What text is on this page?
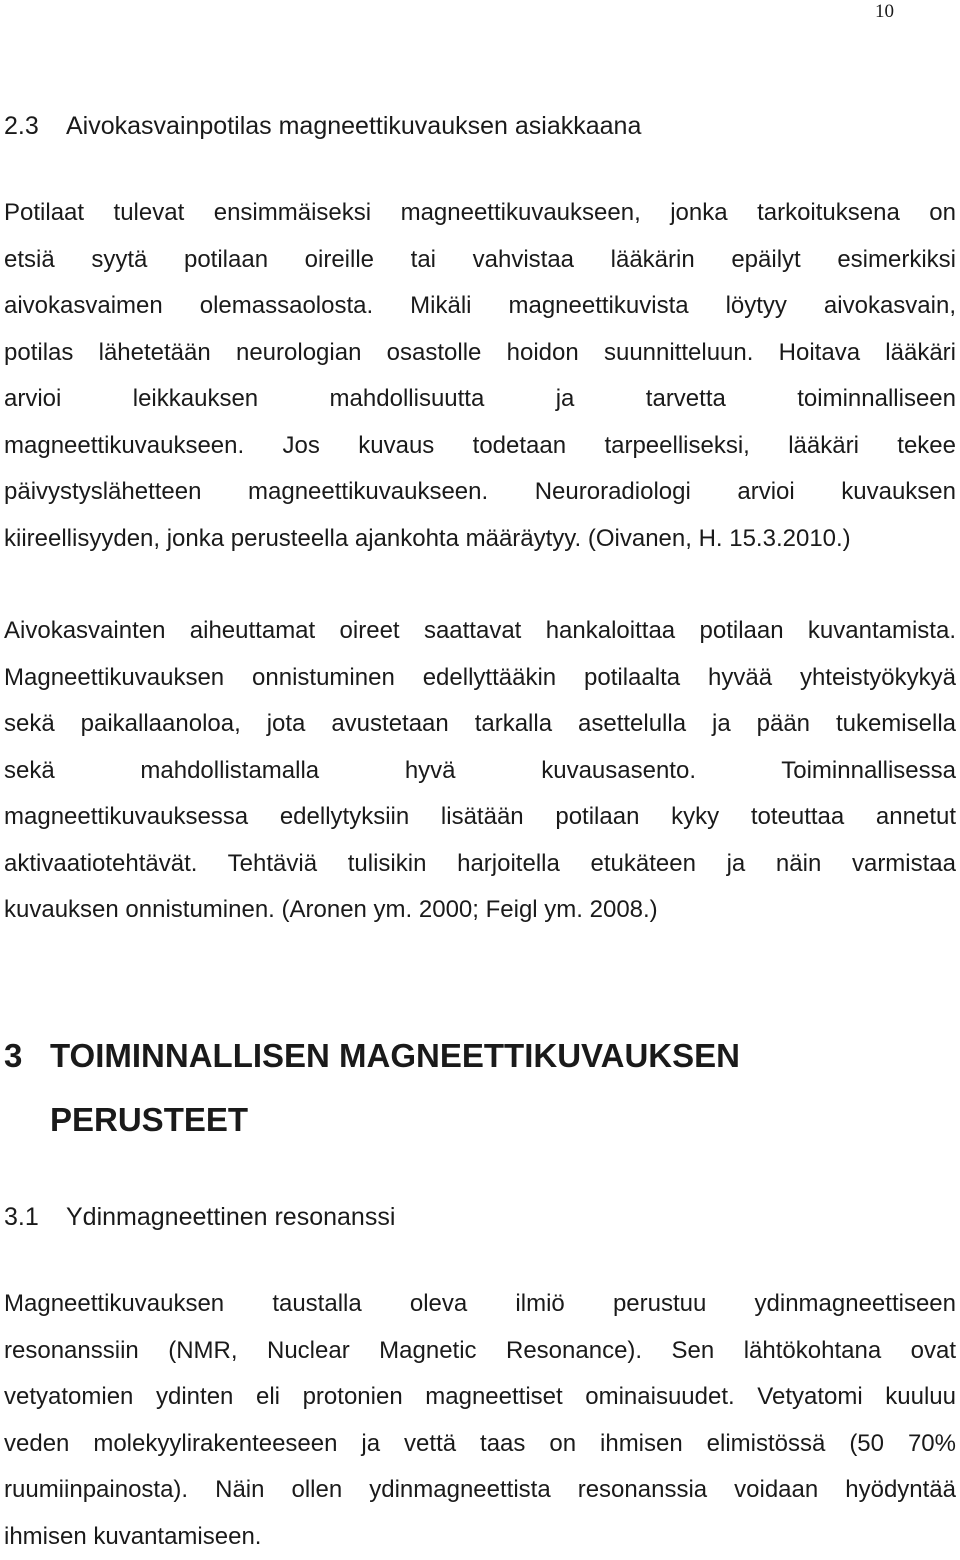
10
2.3 Aivokasvainpotilas magneettikuvauksen asiakkaana
Potilaat tulevat ensimmäiseksi magneettikuvaukseen, jonka tarkoituksena on
etsiä syytä potilaan oireille tai vahvistaa lääkärin epäilyt esimerkiksi
aivokasvaimen olemassaolosta. Mikäli magneettikuvista löytyy aivokasvain,
potilas lähetetään neurologian osastolle hoidon suunnitteluun. Hoitava lääkäri
arvioi leikkauksen mahdollisuutta ja tarvetta toiminnalliseen
magneettikuvaukseen. Jos kuvaus todetaan tarpeelliseksi, lääkäri tekee
päivystyslähetteen magneettikuvaukseen. Neuroradiologi arvioi kuvauksen
kiireellisyyden, jonka perusteella ajankohta määräytyy. (Oivanen, H. 15.3.2010.)
Aivokasvainten aiheuttamat oireet saattavat hankaloittaa potilaan kuvantamista.
Magneettikuvauksen onnistuminen edellyttääkin potilaalta hyvää yhteistyökykyä
sekä paikallaanoloa, jota avustetaan tarkalla asettelulla ja pään tukemisella
sekä mahdollistamalla hyvä kuvausasento. Toiminnallisessa
magneettikuvauksessa edellytyksiin lisätään potilaan kyky toteuttaa annetut
aktivaatiotehtävät. Tehtäviä tulisikin harjoitella etukäteen ja näin varmistaa
kuvauksen onnistuminen. (Aronen ym. 2000; Feigl ym. 2008.)
3 TOIMINNALLISEN MAGNEETTIKUVAUKSEN
PERUSTEET
3.1 Ydinmagneettinen resonanssi
Magneettikuvauksen taustalla oleva ilmiö perustuu ydinmagneettiseen
resonanssiin (NMR, Nuclear Magnetic Resonance). Sen lähtökohtana ovat
vetyatomien ydinten eli protonien magneettiset ominaisuudet. Vetyatomi kuuluu
veden molekyylirakenteeseen ja vettä taas on ihmisen elimistössä (50 70%
ruumiinpainosta). Näin ollen ydinmagneettista resonanssia voidaan hyödyntää
ihmisen kuvantamiseen.
